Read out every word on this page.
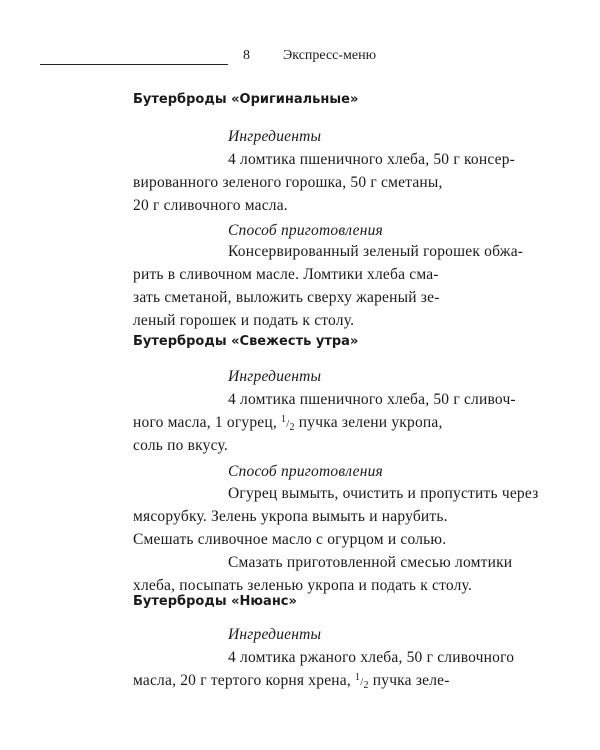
8 Экспресс-меню
Бутерброды «Оригинальные»
Ингредиенты
4 ломтика пшеничного хлеба, 50 г консер-
вированного зеленого горошка, 50 г сметаны,
20 г сливочного масла.
Способ приготовления
Консервированный зеленый горошек обжа-
рить в сливочном масле. Ломтики хлеба сма-
зать сметаной, выложить сверху жареный зе-
леный горошек и подать к столу.
Бутерброды «Свежесть утра»
Ингредиенты
4 ломтика пшеничного хлеба, 50 г сливоч-
ного масла, 1 огурец, $^1/_2$ пучка зелени укропа,
соль по вкусу.
Способ приготовления
Огурец вымыть, очистить и пропустить через
мясорубку. Зелень укропа вымыть и нарубить.
Смешать сливочное масло с огурцом и солью.
Смазать приготовленной смесью ломтики
хлеба, посыпать зеленью укропа и подать к столу.
Бутерброды «Нюанс»
Ингредиенты
4 ломтика ржаного хлеба, 50 г сливочного
масла, 20 г тертого корня хрена, $^1/_2$ пучка зеле-
